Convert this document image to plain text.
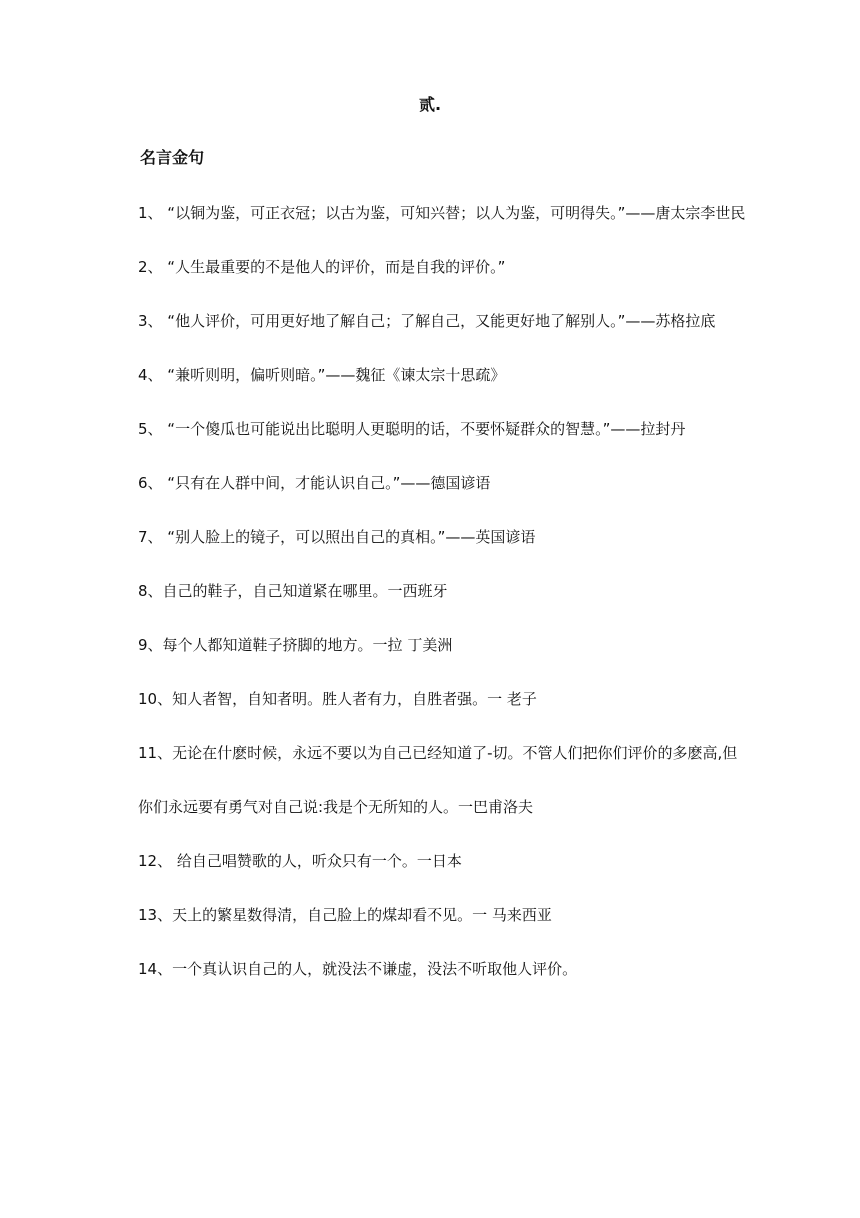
贰.
名言金句
1、 “以铜为鉴，可正衣冠；以古为鉴，可知兴替；以人为鉴，可明得失。”——唐太宗李世民
2、 “人生最重要的不是他人的评价，而是自我的评价。”
3、 “他人评价，可用更好地了解自己；了解自己，又能更好地了解别人。”——苏格拉底
4、 “兼听则明，偏听则暗。”——魏征《谏太宗十思疏》
5、 “一个傻瓜也可能说出比聪明人更聪明的话，不要怀疑群众的智慧。”——拉封丹
6、 “只有在人群中间，才能认识自己。”——德国谚语
7、 “别人脸上的镜子，可以照出自己的真相。”——英国谚语
8、自己的鞋子，自己知道紧在哪里。一西班牙
9、每个人都知道鞋子挤脚的地方。一拉 丁美洲
10、知人者智，自知者明。胜人者有力，自胜者强。一 老子
11、无论在什麽时候，永远不要以为自己已经知道了-切。不管人们把你们评价的多麽高,但
你们永远要有勇气对自己说:我是个无所知的人。一巴甫洛夫
12、 给自己唱赞歌的人，听众只有一个。一日本
13、天上的繁星数得清，自己脸上的煤却看不见。一 马来西亚
14、一个真认识自己的人，就没法不谦虚，没法不听取他人评价。
